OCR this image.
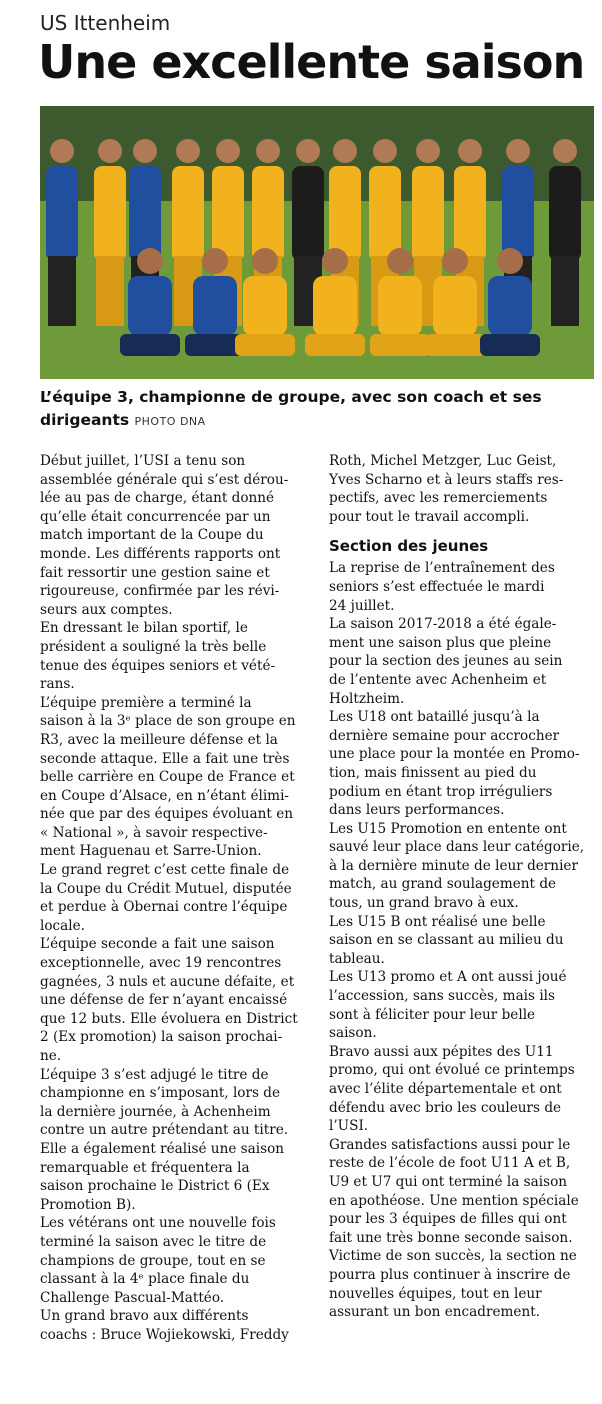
US Ittenheim
Une excellente saison
L’équipe 3, championne de groupe, avec son coach et ses dirigeants PHOTO DNA

Début juillet, l’USI a tenu son
assemblée générale qui s’est dérou-
lée au pas de charge, étant donné
qu’elle était concurrencée par un
match important de la Coupe du
monde. Les différents rapports ont
fait ressortir une gestion saine et
rigoureuse, confirmée par les révi-
seurs aux comptes.

En dressant le bilan sportif, le
président a souligné la très belle
tenue des équipes seniors et vété-
rans.

L’équipe première a terminé la
saison à la 3ᵉ place de son groupe en
R3, avec la meilleure défense et la
seconde attaque. Elle a fait une très
belle carrière en Coupe de France et
en Coupe d’Alsace, en n’étant élimi-
née que par des équipes évoluant en
« National », à savoir respective-
ment Haguenau et Sarre-Union.

Le grand regret c’est cette finale de
la Coupe du Crédit Mutuel, disputée
et perdue à Obernai contre l’équipe
locale.

L’équipe seconde a fait une saison
exceptionnelle, avec 19 rencontres
gagnées, 3 nuls et aucune défaite, et
une défense de fer n’ayant encaissé
que 12 buts. Elle évoluera en District
2 (Ex promotion) la saison prochai-
ne.

L’équipe 3 s’est adjugé le titre de
championne en s’imposant, lors de
la dernière journée, à Achenheim
contre un autre prétendant au titre.
Elle a également réalisé une saison
remarquable et fréquentera la
saison prochaine le District 6 (Ex
Promotion B).

Les vétérans ont une nouvelle fois
terminé la saison avec le titre de
champions de groupe, tout en se
classant à la 4ᵉ place finale du
Challenge Pascual-Mattéo.

Un grand bravo aux différents
coachs : Bruce Wojiekowski, Freddy

Roth, Michel Metzger, Luc Geist,
Yves Scharno et à leurs staffs res-
pectifs, avec les remerciements
pour tout le travail accompli.

Section des jeunes

La reprise de l’entraînement des
seniors s’est effectuée le mardi
24 juillet.

La saison 2017-2018 a été égale-
ment une saison plus que pleine
pour la section des jeunes au sein
de l’entente avec Achenheim et
Holtzheim.

Les U18 ont bataillé jusqu’à la
dernière semaine pour accrocher
une place pour la montée en Promo-
tion, mais finissent au pied du
podium en étant trop irréguliers
dans leurs performances.

Les U15 Promotion en entente ont
sauvé leur place dans leur catégorie,
à la dernière minute de leur dernier
match, au grand soulagement de
tous, un grand bravo à eux.

Les U15 B ont réalisé une belle
saison en se classant au milieu du
tableau.

Les U13 promo et A ont aussi joué
l’accession, sans succès, mais ils
sont à féliciter pour leur belle
saison.

Bravo aussi aux pépites des U11
promo, qui ont évolué ce printemps
avec l’élite départementale et ont
défendu avec brio les couleurs de
l’USI.

Grandes satisfactions aussi pour le
reste de l’école de foot U11 A et B,
U9 et U7 qui ont terminé la saison
en apothéose. Une mention spéciale
pour les 3 équipes de filles qui ont
fait une très bonne seconde saison.

Victime de son succès, la section ne
pourra plus continuer à inscrire de
nouvelles équipes, tout en leur
assurant un bon encadrement.
